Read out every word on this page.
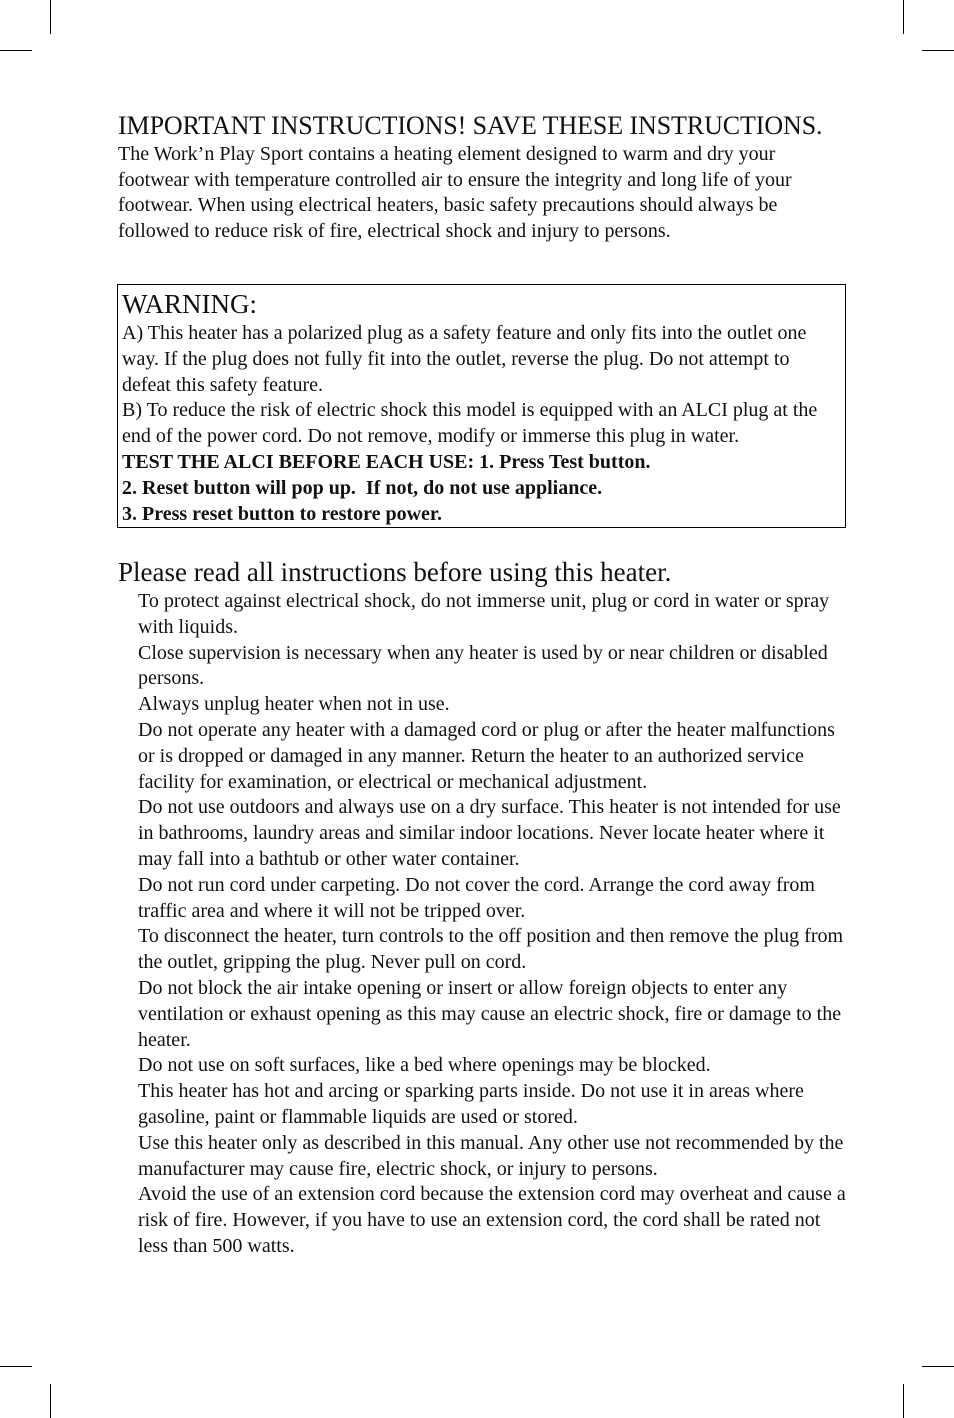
IMPORTANT INSTRUCTIONS! SAVE THESE INSTRUCTIONS.

The Work’n Play Sport contains a heating element designed to warm and dry your footwear with temperature controlled air to ensure the integrity and long life of your footwear. When using electrical heaters, basic safety precautions should always be followed to reduce risk of fire, electrical shock and injury to persons.

WARNING:

A) This heater has a polarized plug as a safety feature and only fits into the outlet one way. If the plug does not fully fit into the outlet, reverse the plug. Do not attempt to defeat this safety feature.

B) To reduce the risk of electric shock this model is equipped with an ALCI plug at the end of the power cord. Do not remove, modify or immerse this plug in water.

TEST THE ALCI BEFORE EACH USE: 1. Press Test button.

2. Reset button will pop up.  If not, do not use appliance.

3. Press reset button to restore power.

Please read all instructions before using this heater.
To protect against electrical shock, do not immerse unit, plug or cord in water or spray with liquids.
Close supervision is necessary when any heater is used by or near children or disabled persons.
Always unplug heater when not in use.
Do not operate any heater with a damaged cord or plug or after the heater malfunctions or is dropped or damaged in any manner. Return the heater to an authorized service facility for examination, or electrical or mechanical adjustment.
Do not use outdoors and always use on a dry surface. This heater is not intended for use in bathrooms, laundry areas and similar indoor locations. Never locate heater where it may fall into a bathtub or other water container.
Do not run cord under carpeting. Do not cover the cord. Arrange the cord away from traffic area and where it will not be tripped over.
To disconnect the heater, turn controls to the off position and then remove the plug from the outlet, gripping the plug. Never pull on cord.
Do not block the air intake opening or insert or allow foreign objects to enter any ventilation or exhaust opening as this may cause an electric shock, fire or damage to the heater.
Do not use on soft surfaces, like a bed where openings may be blocked.
This heater has hot and arcing or sparking parts inside. Do not use it in areas where gasoline, paint or flammable liquids are used or stored.
Use this heater only as described in this manual. Any other use not recommended by the manufacturer may cause fire, electric shock, or injury to persons.
Avoid the use of an extension cord because the extension cord may overheat and cause a risk of fire. However, if you have to use an extension cord, the cord shall be rated not less than 500 watts.
